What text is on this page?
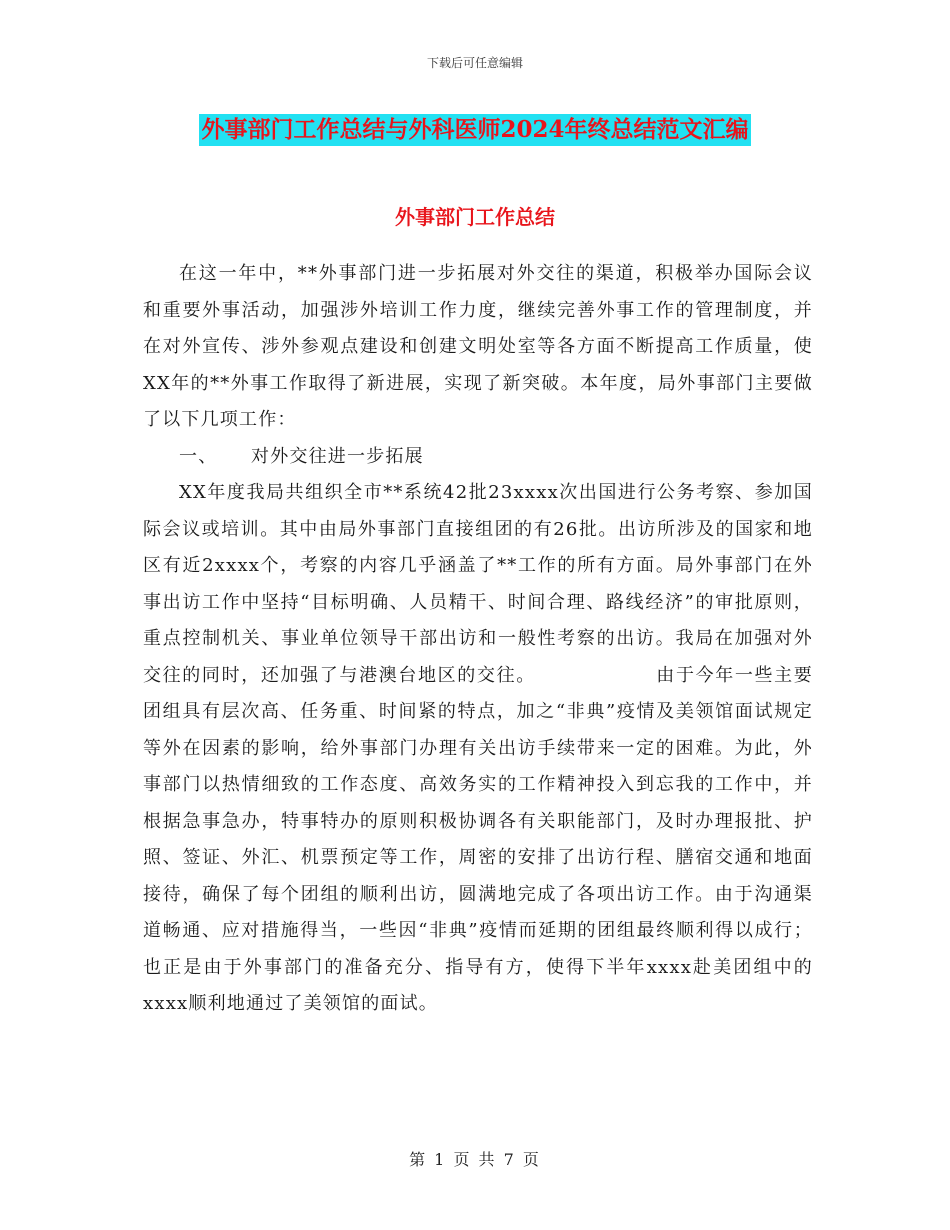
下载后可任意编辑
外事部门工作总结与外科医师2024年终总结范文汇编
外事部门工作总结

在这一年中，**外事部门进一步拓展对外交往的渠道，积极举办国际会议和重要外事活动，加强涉外培训工作力度，继续完善外事工作的管理制度，并在对外宣传、涉外参观点建设和创建文明处室等各方面不断提高工作质量，使XX年的**外事工作取得了新进展，实现了新突破。本年度，局外事部门主要做了以下几项工作：

一、 对外交往进一步拓展

XX年度我局共组织全市**系统42批23xxxx次出国进行公务考察、参加国际会议或培训。其中由局外事部门直接组团的有26批。出访所涉及的国家和地区有近2xxxx个，考察的内容几乎涵盖了**工作的所有方面。局外事部门在外事出访工作中坚持“目标明确、人员精干、时间合理、路线经济”的审批原则，重点控制机关、事业单位领导干部出访和一般性考察的出访。我局在加强对外交往的同时，还加强了与港澳台地区的交往。	由于今年一些主要团组具有层次高、任务重、时间紧的特点，加之“非典”疫情及美领馆面试规定等外在因素的影响，给外事部门办理有关出访手续带来一定的困难。为此，外事部门以热情细致的工作态度、高效务实的工作精神投入到忘我的工作中，并根据急事急办，特事特办的原则积极协调各有关职能部门，及时办理报批、护照、签证、外汇、机票预定等工作，周密的安排了出访行程、膳宿交通和地面接待，确保了每个团组的顺利出访，圆满地完成了各项出访工作。由于沟通渠道畅通、应对措施得当，一些因“非典”疫情而延期的团组最终顺利得以成行；也正是由于外事部门的准备充分、指导有方，使得下半年xxxx赴美团组中的xxxx顺利地通过了美领馆的面试。

第 1 页 共 7 页
